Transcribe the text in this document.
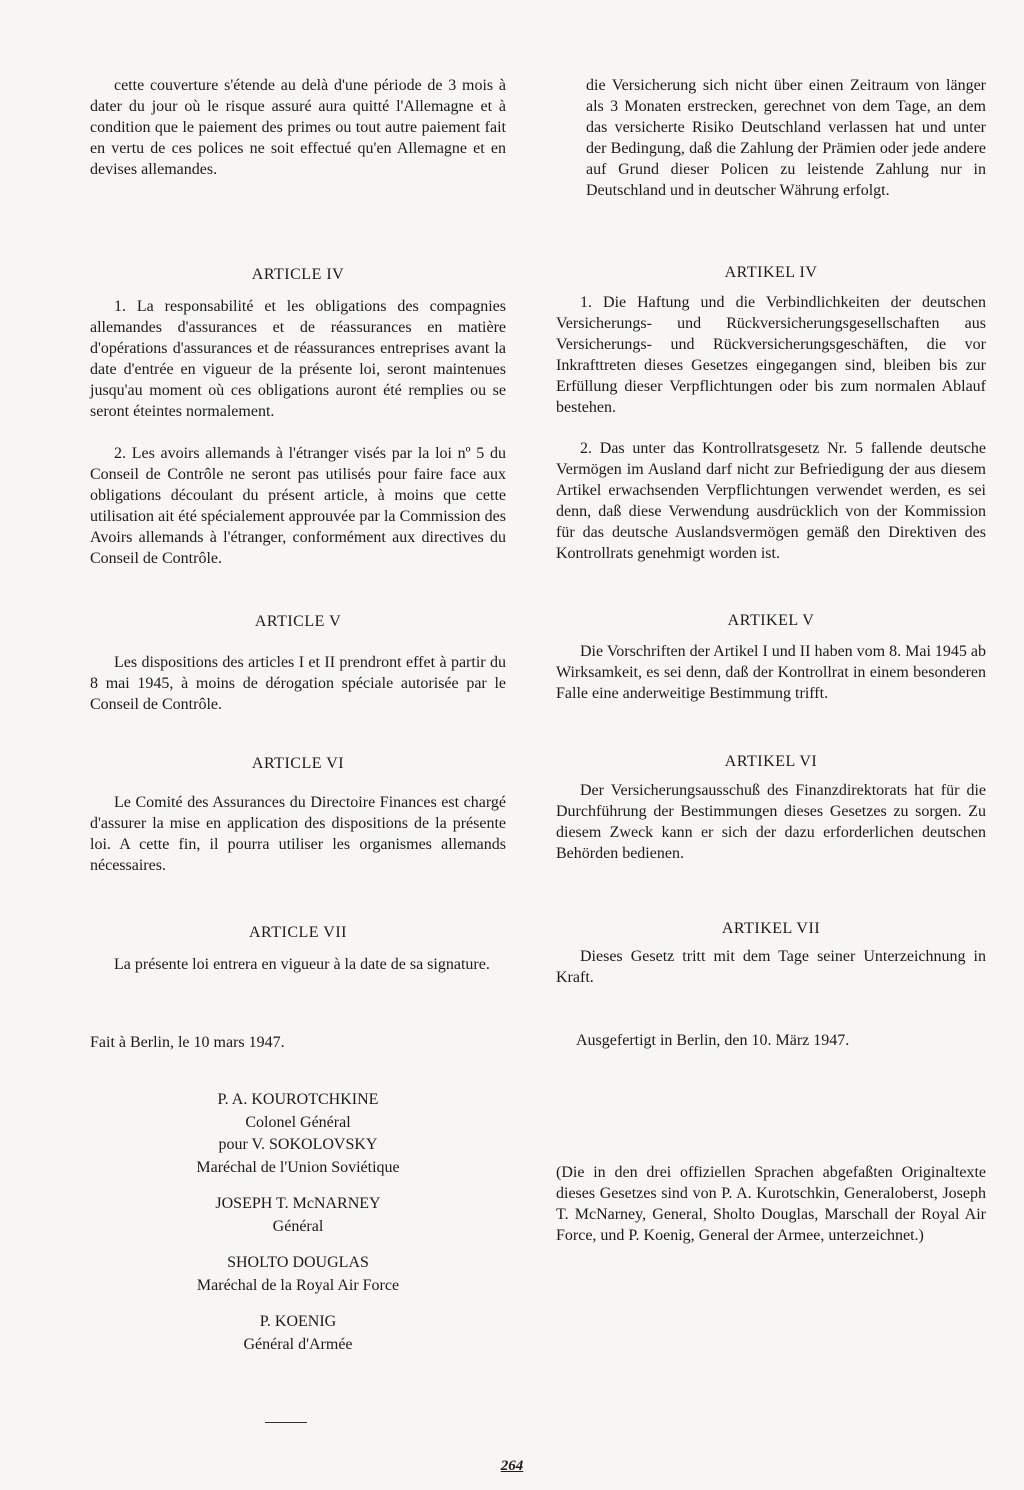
cette couverture s'étende au delà d'une période de 3 mois à dater du jour où le risque assuré aura quitté l'Allemagne et à condition que le paiement des primes ou tout autre paiement fait en vertu de ces polices ne soit effectué qu'en Allemagne et en devises allemandes.

ARTICLE IV

1. La responsabilité et les obligations des compagnies allemandes d'assurances et de réassurances en matière d'opérations d'assurances et de réassurances entreprises avant la date d'entrée en vigueur de la présente loi, seront maintenues jusqu'au moment où ces obligations auront été remplies ou se seront éteintes normalement.

2. Les avoirs allemands à l'étranger visés par la loi nº 5 du Conseil de Contrôle ne seront pas utilisés pour faire face aux obligations découlant du présent article, à moins que cette utilisation ait été spécialement approuvée par la Commission des Avoirs allemands à l'étranger, conformément aux directives du Conseil de Contrôle.

ARTICLE V

Les dispositions des articles I et II prendront effet à partir du 8 mai 1945, à moins de dérogation spéciale autorisée par le Conseil de Contrôle.

ARTICLE VI

Le Comité des Assurances du Directoire Finances est chargé d'assurer la mise en application des dispositions de la présente loi. A cette fin, il pourra utiliser les organismes allemands nécessaires.

ARTICLE VII

La présente loi entrera en vigueur à la date de sa signature.

Fait à Berlin, le 10 mars 1947.

P. A. KOUROTCHKINE
Colonel Général
pour V. SOKOLOVSKY
Maréchal de l'Union Soviétique
JOSEPH T. McNARNEY
Général
SHOLTO DOUGLAS
Maréchal de la Royal Air Force
P. KOENIG
Général d'Armée

die Versicherung sich nicht über einen Zeitraum von länger als 3 Monaten erstrecken, gerechnet von dem Tage, an dem das versicherte Risiko Deutschland verlassen hat und unter der Bedingung, daß die Zahlung der Prämien oder jede andere auf Grund dieser Policen zu leistende Zahlung nur in Deutschland und in deutscher Währung erfolgt.

ARTIKEL IV

1. Die Haftung und die Verbindlichkeiten der deutschen Versicherungs- und Rückversicherungsgesellschaften aus Versicherungs- und Rückversicherungsgeschäften, die vor Inkrafttreten dieses Gesetzes eingegangen sind, bleiben bis zur Erfüllung dieser Verpflichtungen oder bis zum normalen Ablauf bestehen.

2. Das unter das Kontrollratsgesetz Nr. 5 fallende deutsche Vermögen im Ausland darf nicht zur Befriedigung der aus diesem Artikel erwachsenden Verpflichtungen verwendet werden, es sei denn, daß diese Verwendung ausdrücklich von der Kommission für das deutsche Auslandsvermögen gemäß den Direktiven des Kontrollrats genehmigt worden ist.

ARTIKEL V

Die Vorschriften der Artikel I und II haben vom 8. Mai 1945 ab Wirksamkeit, es sei denn, daß der Kontrollrat in einem besonderen Falle eine anderweitige Bestimmung trifft.

ARTIKEL VI

Der Versicherungsausschuß des Finanzdirektorats hat für die Durchführung der Bestimmungen dieses Gesetzes zu sorgen. Zu diesem Zweck kann er sich der dazu erforderlichen deutschen Behörden bedienen.

ARTIKEL VII

Dieses Gesetz tritt mit dem Tage seiner Unterzeichnung in Kraft.

Ausgefertigt in Berlin, den 10. März 1947.

(Die in den drei offiziellen Sprachen abgefaßten Originaltexte dieses Gesetzes sind von P. A. Kurotschkin, Generaloberst, Joseph T. McNarney, General, Sholto Douglas, Marschall der Royal Air Force, und P. Koenig, General der Armee, unterzeichnet.)

264
